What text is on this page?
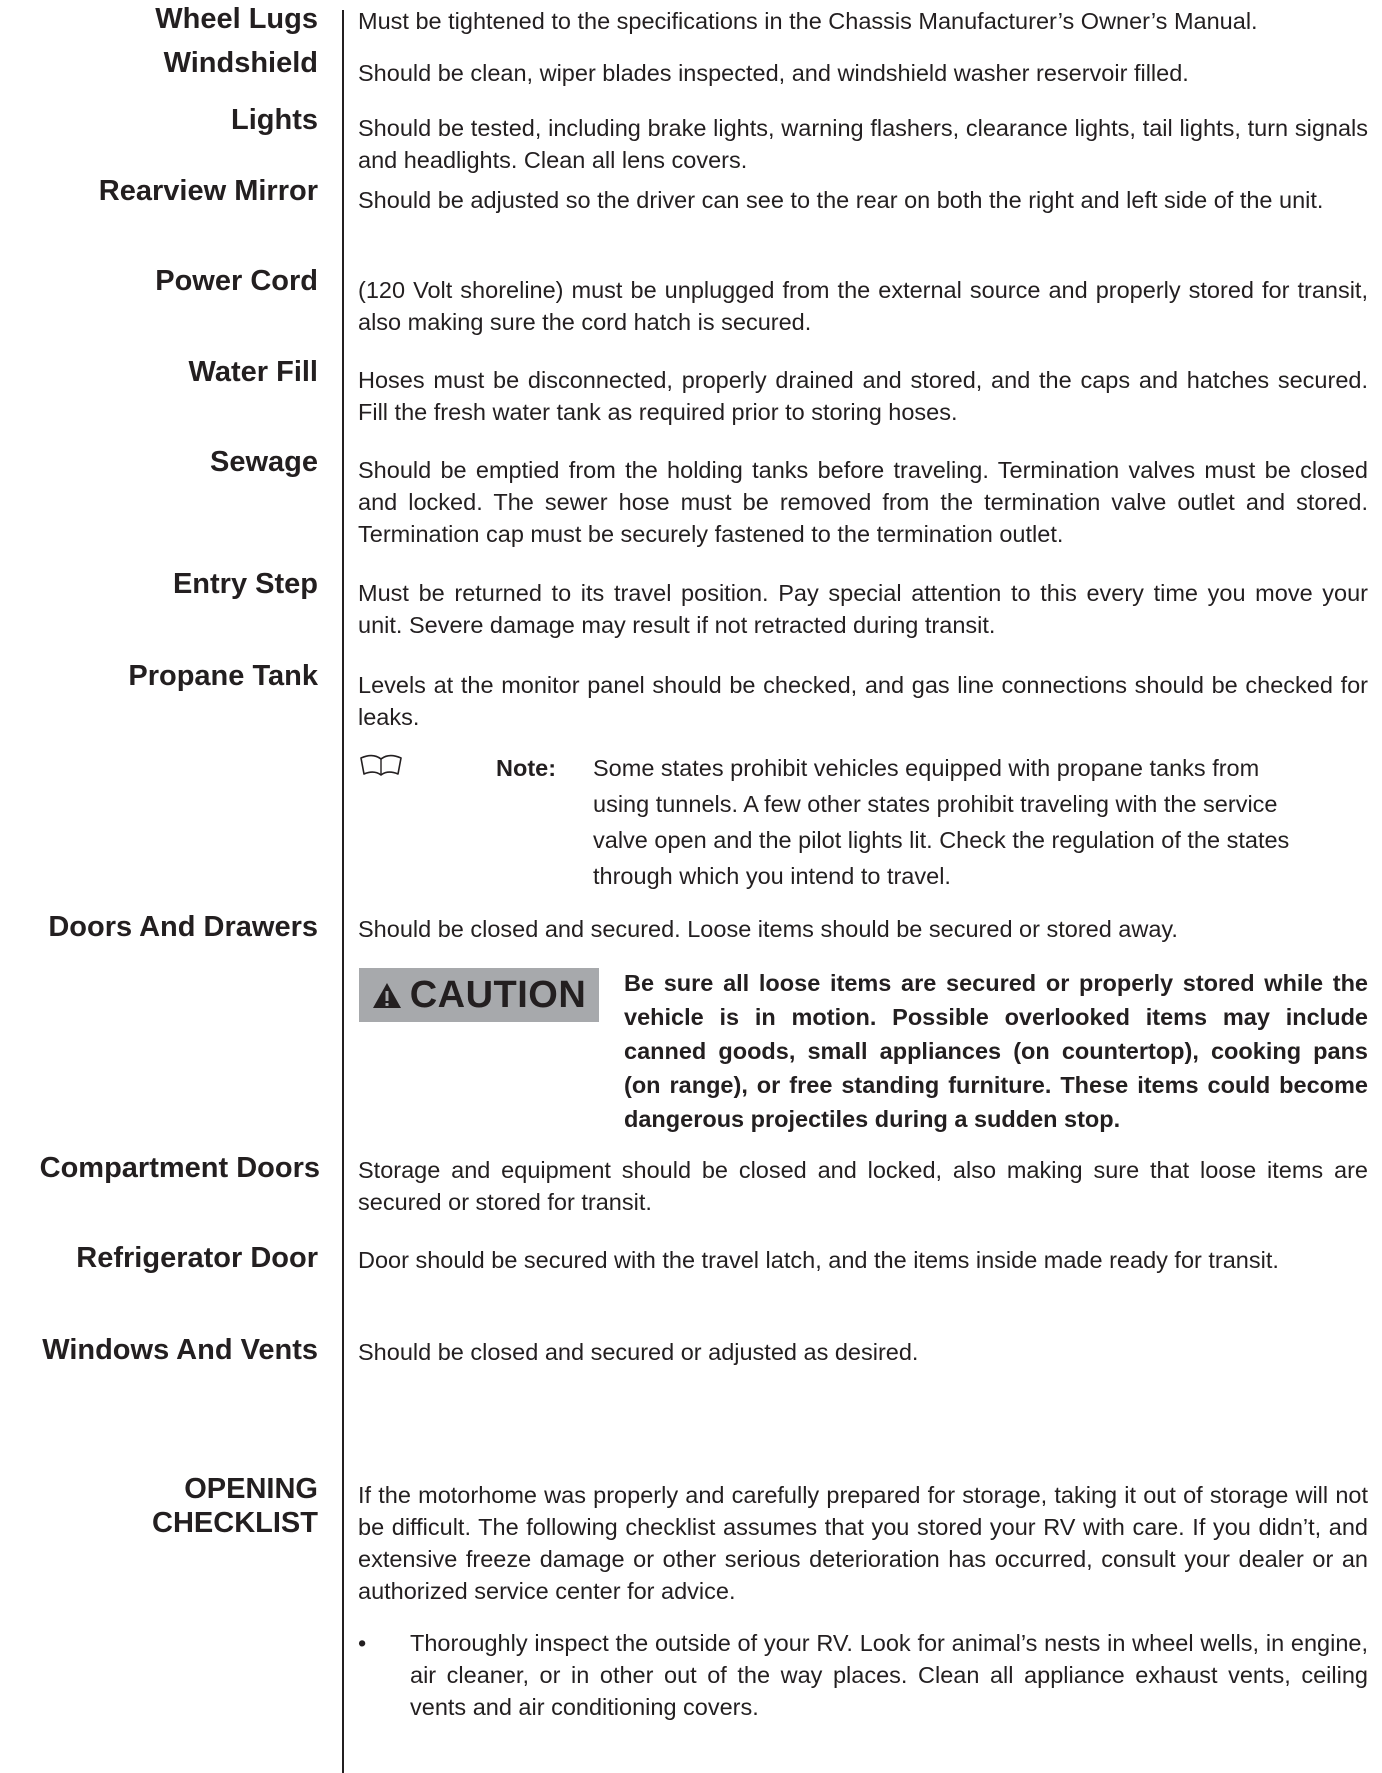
Wheel Lugs Must be tightened to the specifications in the Chassis Manufacturer’s Owner’s Manual.
Windshield Should be clean, wiper blades inspected, and windshield washer reservoir filled.
Lights Should be tested, including brake lights, warning flashers, clearance lights, tail lights, turn signals and headlights. Clean all lens covers.
Rearview Mirror Should be adjusted so the driver can see to the rear on both the right and left side of the unit.
Power Cord (120 Volt shoreline) must be unplugged from the external source and properly stored for transit, also making sure the cord hatch is secured.
Water Fill Hoses must be disconnected, properly drained and stored, and the caps and hatches secured. Fill the fresh water tank as required prior to storing hoses.
Sewage Should be emptied from the holding tanks before traveling. Termination valves must be closed and locked. The sewer hose must be removed from the termination valve outlet and stored. Termination cap must be securely fastened to the termination outlet.
Entry Step Must be returned to its travel position. Pay special attention to this every time you move your unit. Severe damage may result if not retracted during transit.
Propane Tank Levels at the monitor panel should be checked, and gas line connections should be checked for leaks.
Note: Some states prohibit vehicles equipped with propane tanks from using tunnels. A few other states prohibit traveling with the service valve open and the pilot lights lit. Check the regulation of the states through which you intend to travel.
Doors And Drawers Should be closed and secured. Loose items should be secured or stored away.
CAUTION Be sure all loose items are secured or properly stored while the vehicle is in motion. Possible overlooked items may include canned goods, small appliances (on countertop), cooking pans (on range), or free standing furniture. These items could become dangerous projectiles during a sudden stop.
Compartment Doors Storage and equipment should be closed and locked, also making sure that loose items are secured or stored for transit.
Refrigerator Door Door should be secured with the travel latch, and the items inside made ready for transit.
Windows And Vents Should be closed and secured or adjusted as desired.
OPENING
CHECKLIST
If the motorhome was properly and carefully prepared for storage, taking it out of storage will not be difficult. The following checklist assumes that you stored your RV with care. If you didn’t, and extensive freeze damage or other serious deterioration has occurred, consult your dealer or an authorized service center for advice.
• Thoroughly inspect the outside of your RV. Look for animal’s nests in wheel wells, in engine, air cleaner, or in other out of the way places. Clean all appliance exhaust vents, ceiling vents and air conditioning covers.
